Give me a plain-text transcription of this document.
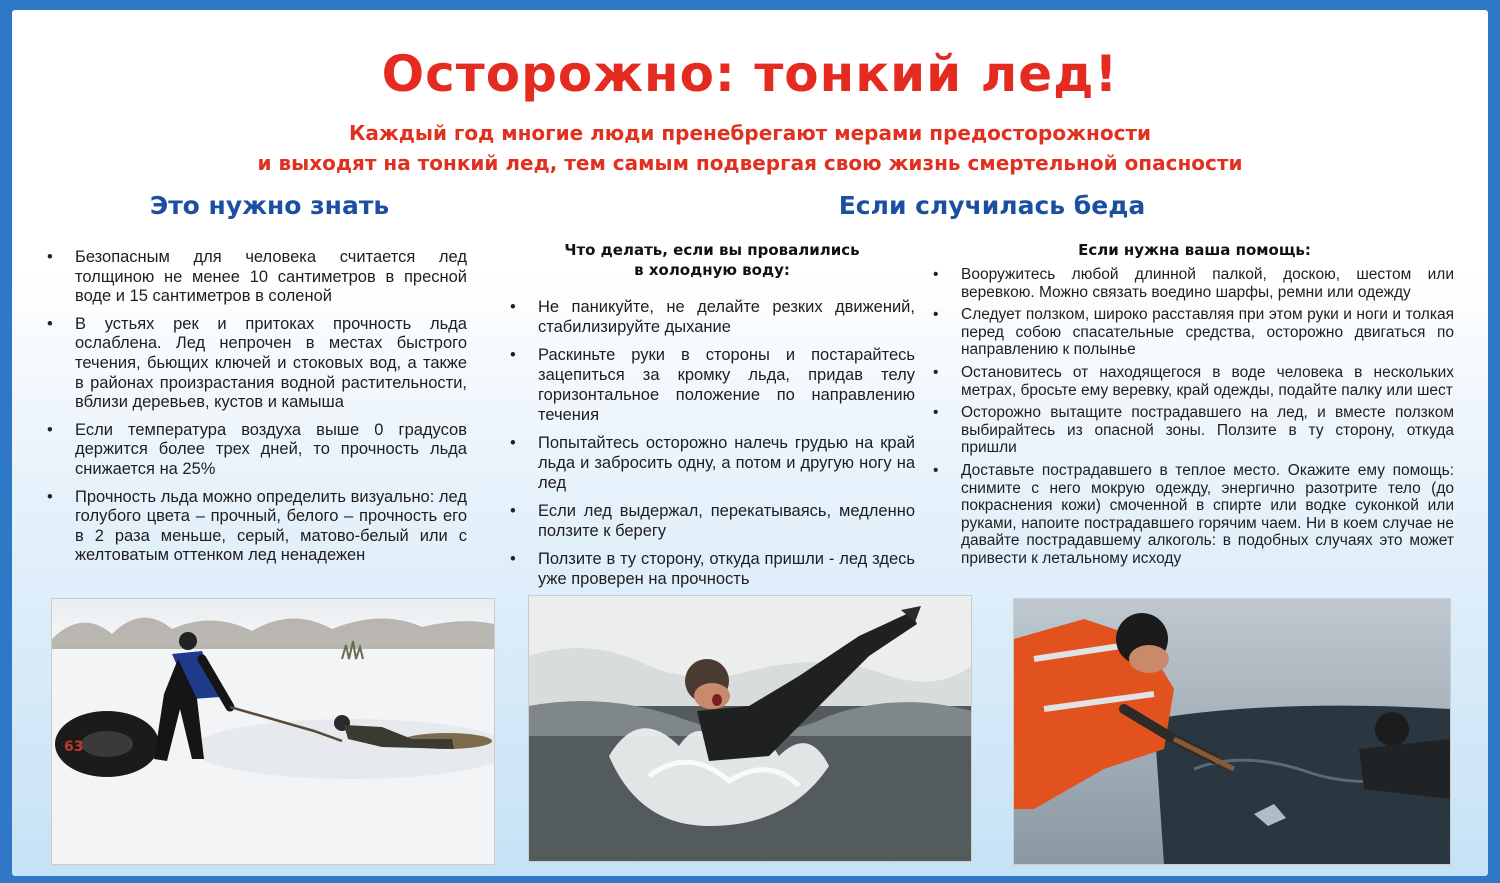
Осторожно: тонкий лед!
Каждый год многие люди пренебрегают мерами предосторожности
и выходят на тонкий лед, тем самым подвергая свою жизнь смертельной опасности
Это нужно знать	Если случилась беда
• Безопасным для человека считается лед толщиною не менее 10 сантиметров в пресной воде и 15 сантиметров в соленой
• В устьях рек и притоках прочность льда ослаблена. Лед непрочен в местах быстрого течения, бьющих ключей и стоковых вод, а также в районах произрастания водной растительности, вблизи деревьев, кустов и камыша
• Если температура воздуха выше 0 градусов держится более трех дней, то прочность льда снижается на 25%
• Прочность льда можно определить визуально: лед голубого цвета – прочный, белого – прочность его в 2 раза меньше, серый, матово-белый или с желтоватым оттенком лед ненадежен
Что делать, если вы провалились
в холодную воду:
• Не паникуйте, не делайте резких движений, стабилизируйте дыхание
• Раскиньте руки в стороны и постарайтесь зацепиться за кромку льда, придав телу горизонтальное положение по направлению течения
• Попытайтесь осторожно налечь грудью на край льда и забросить одну, а потом и другую ногу на лед
• Если лед выдержал, перекатываясь, медленно ползите к берегу
• Ползите в ту сторону, откуда пришли - лед здесь уже проверен на прочность
Если нужна ваша помощь:
• Вооружитесь любой длинной палкой, доскою, шестом или веревкою. Можно связать воедино шарфы, ремни или одежду
• Следует ползком, широко расставляя при этом руки и ноги и толкая перед собою спасательные средства, осторожно двигаться по направлению к полынье
• Остановитесь от находящегося в воде человека в нескольких метрах, бросьте ему веревку, край одежды, подайте палку или шест
• Осторожно вытащите пострадавшего на лед, и вместе ползком выбирайтесь из опасной зоны. Ползите в ту сторону, откуда пришли
• Доставьте пострадавшего в теплое место. Окажите ему помощь: снимите с него мокрую одежду, энергично разотрите тело (до покраснения кожи) смоченной в спирте или водке суконкой или руками, напоите пострадавшего горячим чаем. Ни в коем случае не давайте пострадавшему алкоголь: в подобных случаях это может привести к летальному исходу
63
